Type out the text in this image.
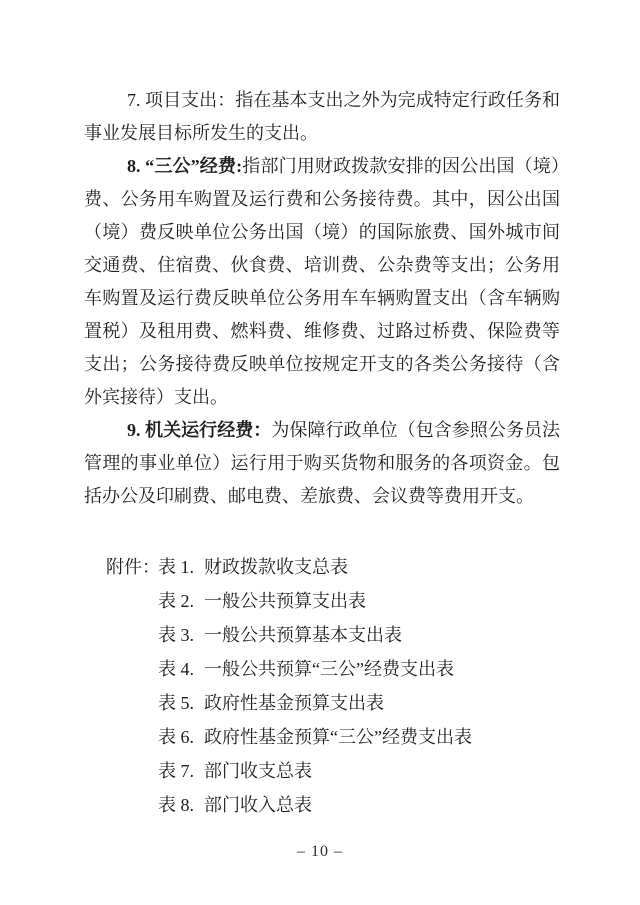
7. 项目支出：指在基本支出之外为完成特定行政任务和事业发展目标所发生的支出。

8. “三公”经费:指部门用财政拨款安排的因公出国（境）费、公务用车购置及运行费和公务接待费。其中，因公出国（境）费反映单位公务出国（境）的国际旅费、国外城市间交通费、住宿费、伙食费、培训费、公杂费等支出；公务用车购置及运行费反映单位公务用车车辆购置支出（含车辆购置税）及租用费、燃料费、维修费、过路过桥费、保险费等支出；公务接待费反映单位按规定开支的各类公务接待（含外宾接待）支出。

9. 机关运行经费：为保障行政单位（包含参照公务员法管理的事业单位）运行用于购买货物和服务的各项资金。包括办公及印刷费、邮电费、差旅费、会议费等费用开支。

附件：
表 1. 财政拨款收支总表
表 2. 一般公共预算支出表
表 3. 一般公共预算基本支出表
表 4. 一般公共预算“三公”经费支出表
表 5. 政府性基金预算支出表
表 6. 政府性基金预算“三公”经费支出表
表 7. 部门收支总表
表 8. 部门收入总表
– 10 –
